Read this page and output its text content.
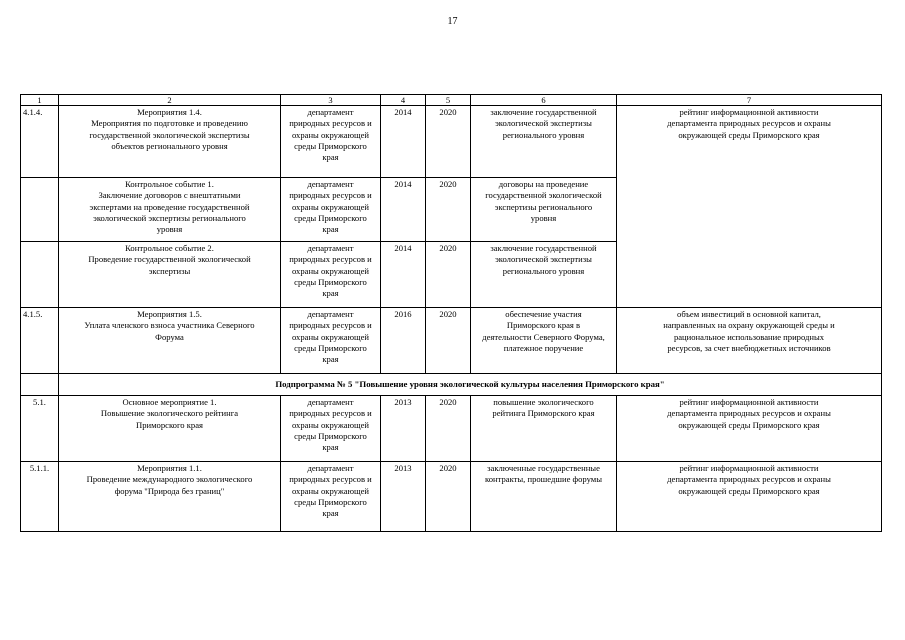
17
1	2	3	4	5	6	7
4.1.4.	Мероприятия 1.4.
Мероприятия по подготовке и проведению
государственной экологической экспертизы
объектов регионального уровня	департамент
природных ресурсов и
охраны окружающей
среды Приморского
края	2014	2020	заключение государственной
экологической экспертизы
регионального уровня	рейтинг информационной активности
департамента природных ресурсов и охраны
окружающей среды Приморского края

	Контрольное событие 1.
Заключение договоров с внештатными
экспертами на проведение государственной
экологической экспертизы регионального
уровня	департамент
природных ресурсов и
охраны окружающей
среды Приморского
края	2014	2020	договоры на проведение
государственной экологической
экспертизы регионального
уровня	

	Контрольное событие 2.
Проведение государственной экологической
экспертизы	департамент
природных ресурсов и
охраны окружающей
среды Приморского
края	2014	2020	заключение государственной
экологической экспертизы
регионального уровня	

4.1.5.	Мероприятия 1.5.
Уплата членского взноса участника Северного
Форума	департамент
природных ресурсов и
охраны окружающей
среды Приморского
края	2016	2020	обеспечение участия
Приморского края в
деятельности Северного Форума,
платежное поручение	объем инвестиций в основной капитал,
направленных на охрану окружающей среды и
рациональное использование природных
ресурсов, за счет внебюджетных источников

	Подпрограмма № 5 "Повышение уровня экологической культуры населения Приморского края"					
5.1.	Основное мероприятие 1.
Повышение экологического рейтинга
Приморского края	департамент
природных ресурсов и
охраны окружающей
среды Приморского
края	2013	2020	повышение экологического
рейтинга Приморского края	рейтинг информационной активности
департамента природных ресурсов и охраны
окружающей среды Приморского края

5.1.1.	Мероприятия 1.1.
Проведение международного экологического
форума "Природа без границ"	департамент
природных ресурсов и
охраны окружающей
среды Приморского
края	2013	2020	заключенные государственные
контракты, прошедшие форумы	рейтинг информационной активности
департамента природных ресурсов и охраны
окружающей среды Приморского края
